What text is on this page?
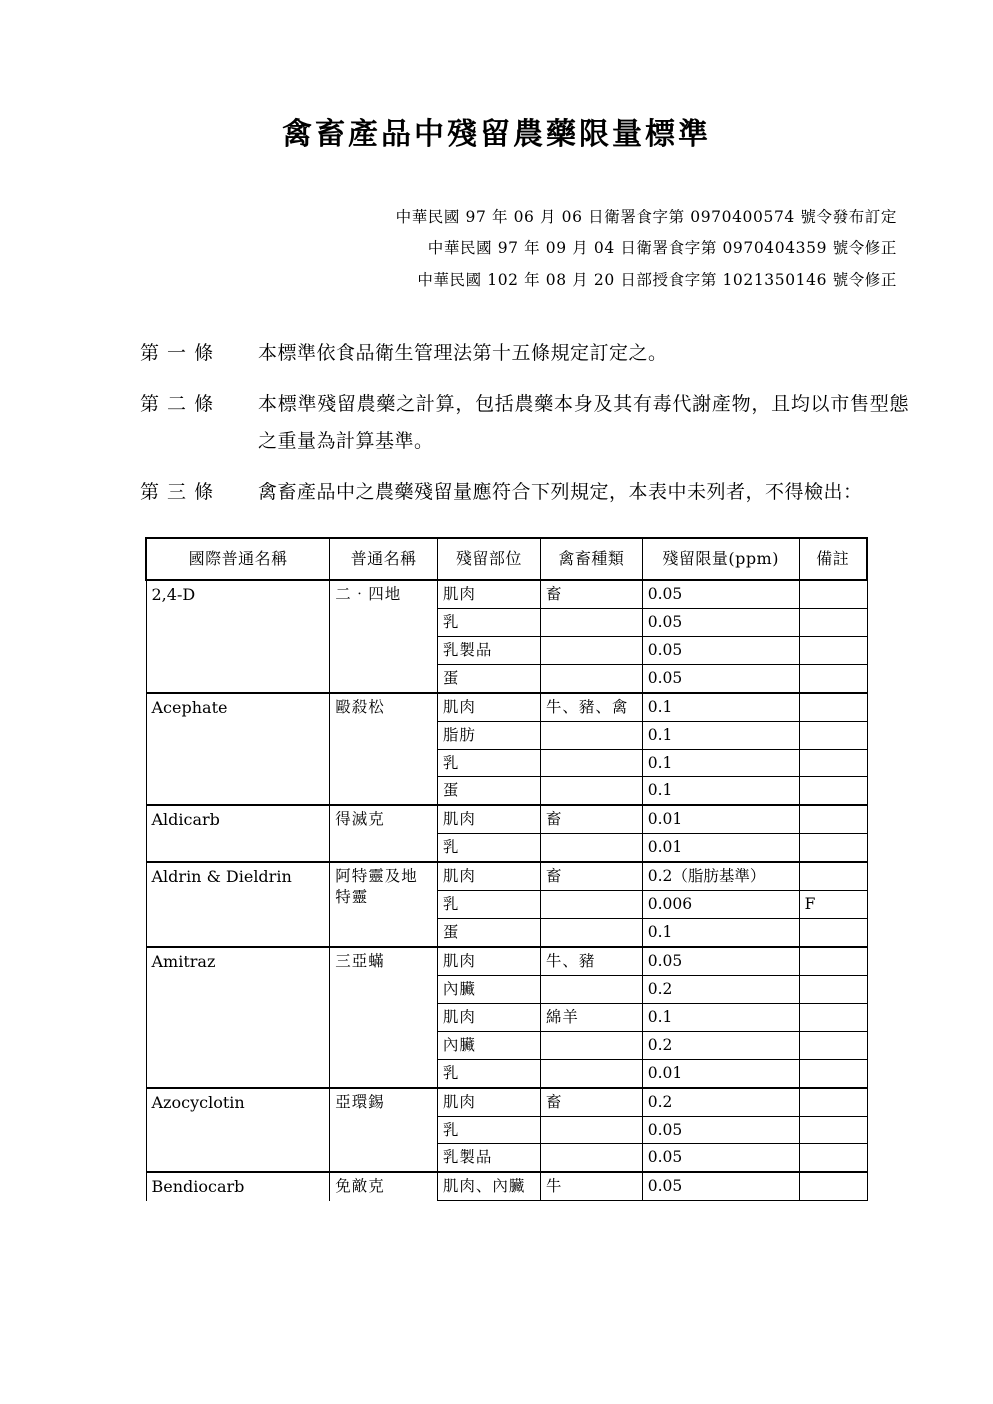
禽畜產品中殘留農藥限量標準
中華民國 97 年 06 月 06 日衛署食字第 0970400574 號令發布訂定
中華民國 97 年 09 月 04 日衛署食字第 0970404359 號令修正
中華民國 102 年 08 月 20 日部授食字第 1021350146 號令修正
第 一 條	本標準依食品衛生管理法第十五條規定訂定之。

第 二 條	本標準殘留農藥之計算，包括農藥本身及其有毒代謝產物，且均以市售型態之重量為計算基準。

第 三 條	禽畜產品中之農藥殘留量應符合下列規定，本表中未列者，不得檢出：

國際普通名稱	普通名稱	殘留部位	禽畜種類	殘留限量(ppm)	備註
2,4-D	二‧四地	肌肉	畜	0.05	
		乳		0.05	
		乳製品		0.05	
		蛋		0.05	
Acephate	毆殺松	肌肉	牛、豬、禽	0.1	
		脂肪		0.1	
		乳		0.1	
		蛋		0.1	
Aldicarb	得滅克	肌肉	畜	0.01	
		乳		0.01	
Aldrin & Dieldrin	阿特靈及地特靈	肌肉	畜	0.2（脂肪基準）	
		乳		0.006	F
		蛋		0.1	
Amitraz	三亞蟎	肌肉	牛、豬	0.05	
		內臟		0.2	
		肌肉	綿羊	0.1	
		內臟		0.2	
		乳		0.01	
Azocyclotin	亞環錫	肌肉	畜	0.2	
		乳		0.05	
		乳製品		0.05	
Bendiocarb	免敵克	肌肉、內臟	牛	0.05	
